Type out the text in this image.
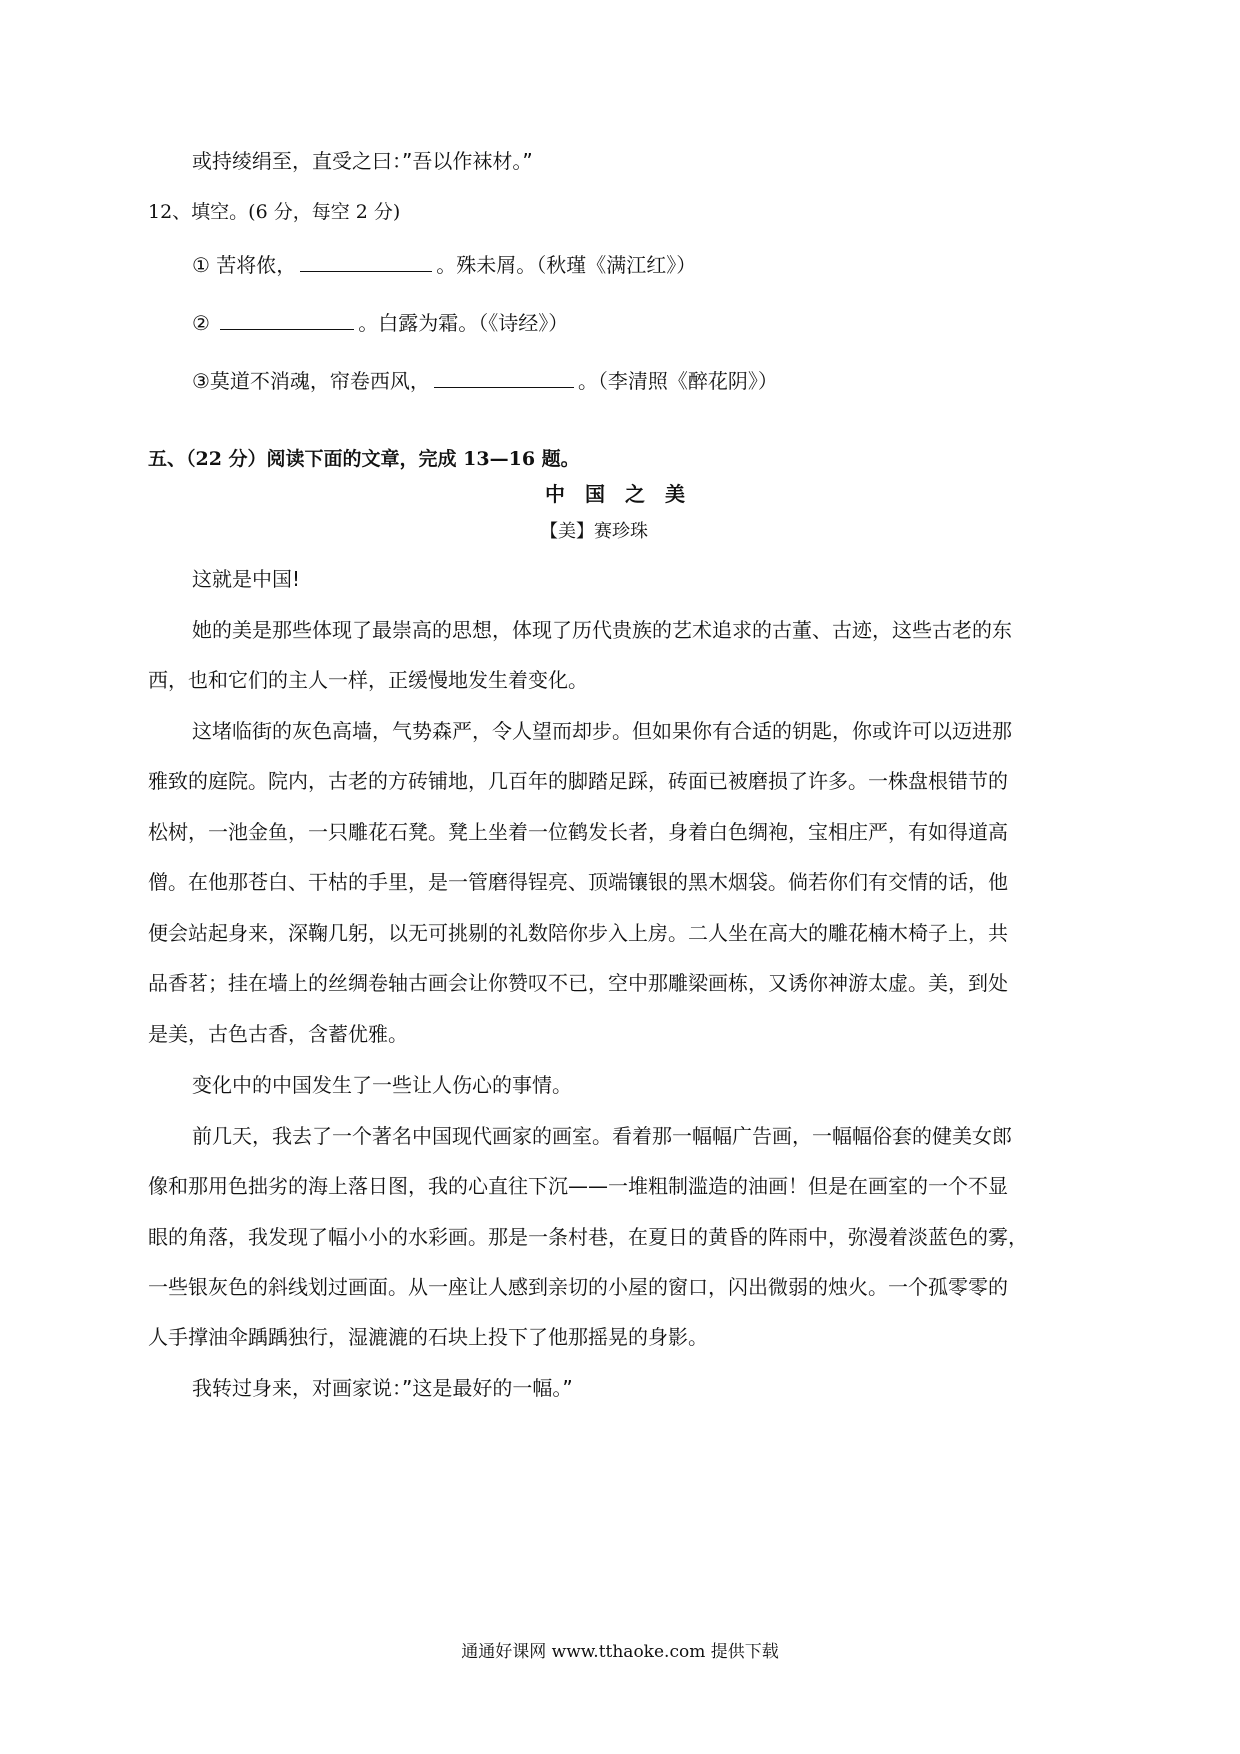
或持绫绢至，直受之曰：”吾以作袜材。”
12、填空。(6 分，每空 2 分)
① 苦将侬，	。殊未屑。（秋瑾《满江红》）
②	。白露为霜。（《诗经》）
③莫道不消魂，帘卷西风，	。（李清照《醉花阴》）
五、（22 分）阅读下面的文章，完成 13—16 题。
中 国 之 美
【美】赛珍珠
这就是中国!
她的美是那些体现了最崇高的思想，体现了历代贵族的艺术追求的古董、古迹，这些古老的东
西，也和它们的主人一样，正缓慢地发生着变化。
这堵临街的灰色高墙，气势森严，令人望而却步。但如果你有合适的钥匙，你或许可以迈进那
雅致的庭院。院内，古老的方砖铺地，几百年的脚踏足踩，砖面已被磨损了许多。一株盘根错节的
松树，一池金鱼，一只雕花石凳。凳上坐着一位鹤发长者，身着白色绸袍，宝相庄严，有如得道高
僧。在他那苍白、干枯的手里，是一管磨得锃亮、顶端镶银的黑木烟袋。倘若你们有交情的话，他
便会站起身来，深鞠几躬，以无可挑剔的礼数陪你步入上房。二人坐在高大的雕花楠木椅子上，共
品香茗；挂在墙上的丝绸卷轴古画会让你赞叹不已，空中那雕梁画栋，又诱你神游太虚。美，到处
是美，古色古香，含蓄优雅。
变化中的中国发生了一些让人伤心的事情。
前几天，我去了一个著名中国现代画家的画室。看着那一幅幅广告画，一幅幅俗套的健美女郎
像和那用色拙劣的海上落日图，我的心直往下沉——一堆粗制滥造的油画！但是在画室的一个不显
眼的角落，我发现了幅小小的水彩画。那是一条村巷，在夏日的黄昏的阵雨中，弥漫着淡蓝色的雾，
一些银灰色的斜线划过画面。从一座让人感到亲切的小屋的窗口，闪出微弱的烛火。一个孤零零的
人手撑油伞踽踽独行，湿漉漉的石块上投下了他那摇晃的身影。
我转过身来，对画家说：”这是最好的一幅。”
通通好课网 www.tthaoke.com 提供下载
